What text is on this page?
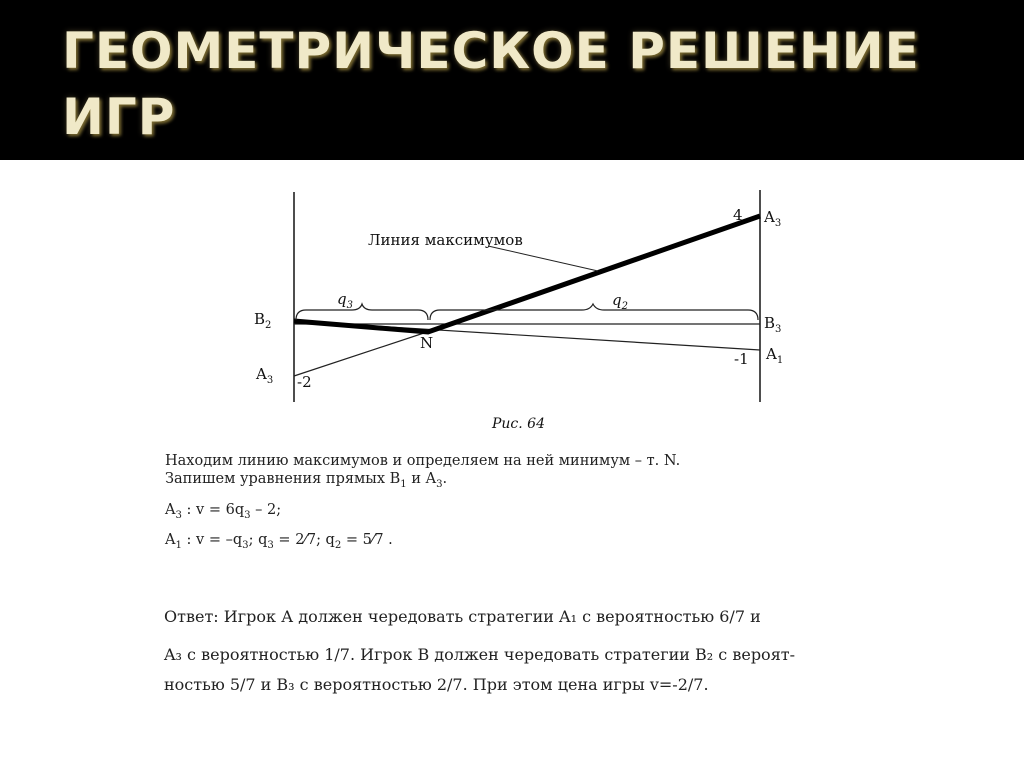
ГЕОМЕТРИЧЕСКОЕ РЕШЕНИЕ ИГР
Линия максимумов
4 $A_3$
$B_3$
$A_1$
-1
$B_2$
$A_3$ -2
N
$q_3$	$q_2$
Рис. 64
Находим линию максимумов и определяем на ней минимум – т. N.
Запишем уравнения прямых $B_1$ и $A_3$.
$A_3$ : $v = 6q_3 - 2$;
$A_1$ : $v = -q_3$; $q_3$ = 2⁄7; $q_2$ = 5⁄7 .
Ответ: Игрок А должен чередовать стратегии A₁ с вероятностью 6/7 и
A₃ с вероятностью 1/7. Игрок В должен чередовать стратегии B₂ с вероят-
ностью 5/7 и B₃ с вероятностью 2/7. При этом цена игры v=-2/7.
